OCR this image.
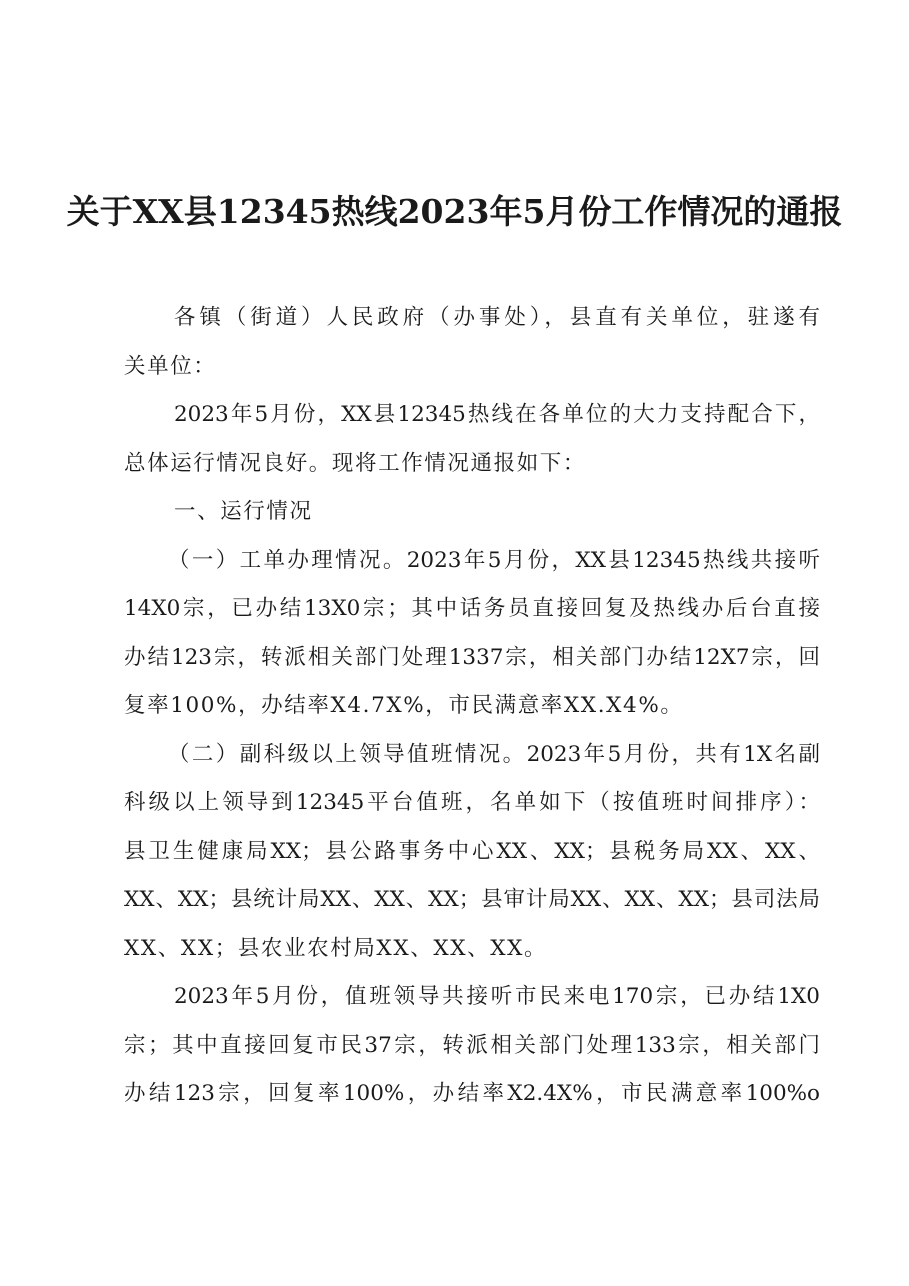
关于XX县12345热线2023年5月份工作情况的通报
各镇（街道）人民政府（办事处），县直有关单位，驻遂有
关单位：
2023年5月份，XX县12345热线在各单位的大力支持配合下，
总体运行情况良好。现将工作情况通报如下：
一、运行情况
（一）工单办理情况。2023年5月份，XX县12345热线共接听
14X0宗，已办结13X0宗；其中话务员直接回复及热线办后台直接
办结123宗，转派相关部门处理1337宗，相关部门办结12X7宗，回
复率100%，办结率X4.7X%，市民满意率XX.X4%。
（二）副科级以上领导值班情况。2023年5月份，共有1X名副
科级以上领导到12345平台值班，名单如下（按值班时间排序）：
县卫生健康局XX；县公路事务中心XX、XX；县税务局XX、XX、
XX、XX；县统计局XX、XX、XX；县审计局XX、XX、XX；县司法局
XX、XX；县农业农村局XX、XX、XX。
2023年5月份，值班领导共接听市民来电170宗，已办结1X0
宗；其中直接回复市民37宗，转派相关部门处理133宗，相关部门
办结123宗，回复率100%，办结率X2.4X%，市民满意率100%o
